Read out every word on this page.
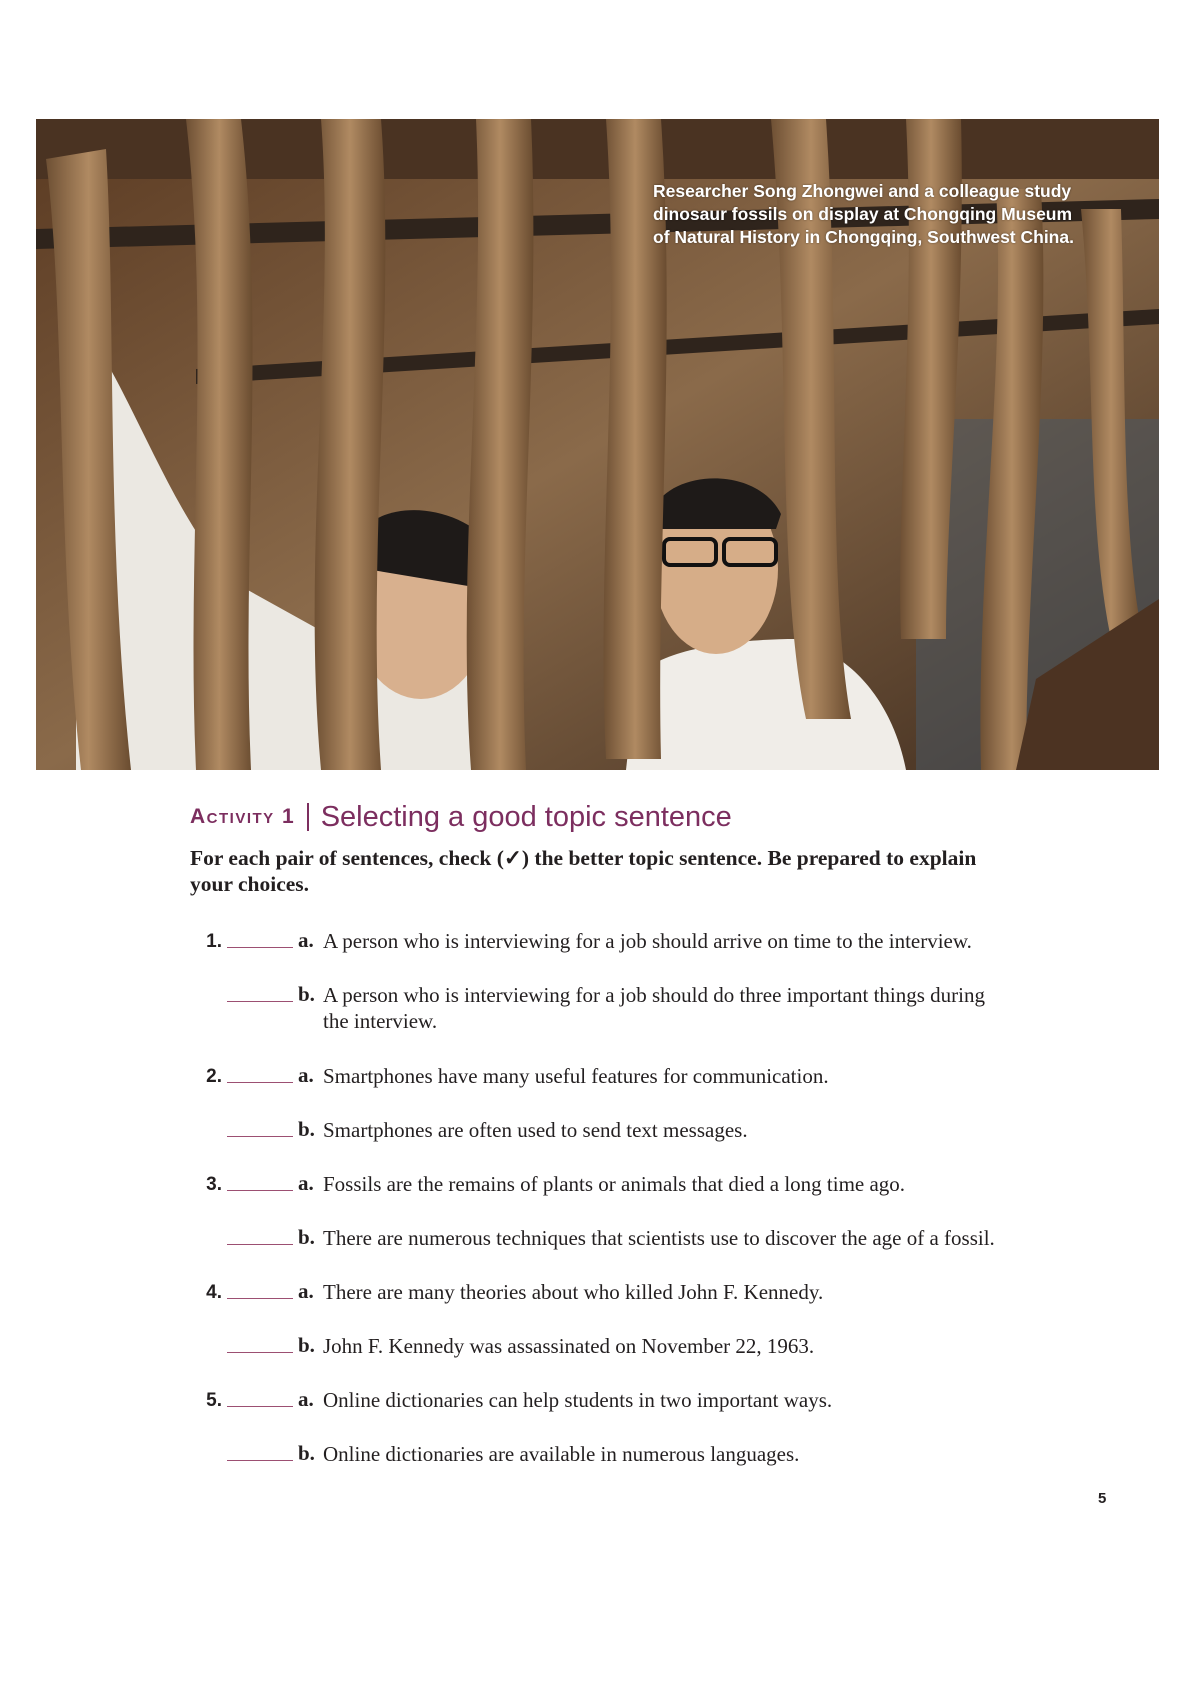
Researcher Song Zhongwei and a colleague study dinosaur fossils on display at Chongqing Museum of Natural History in Chongqing, Southwest China.
Activity 1 Selecting a good topic sentence
For each pair of sentences, check (✓) the better topic sentence. Be prepared to explain your choices.
1.	a. A person who is interviewing for a job should arrive on time to the interview.
b. A person who is interviewing for a job should do three important things during the interview.
2.	a. Smartphones have many useful features for communication.
b. Smartphones are often used to send text messages.
3.	a. Fossils are the remains of plants or animals that died a long time ago.
b. There are numerous techniques that scientists use to discover the age of a fossil.
4.	a. There are many theories about who killed John F. Kennedy.
b. John F. Kennedy was assassinated on November 22, 1963.
5.	a. Online dictionaries can help students in two important ways.
b. Online dictionaries are available in numerous languages.
5
